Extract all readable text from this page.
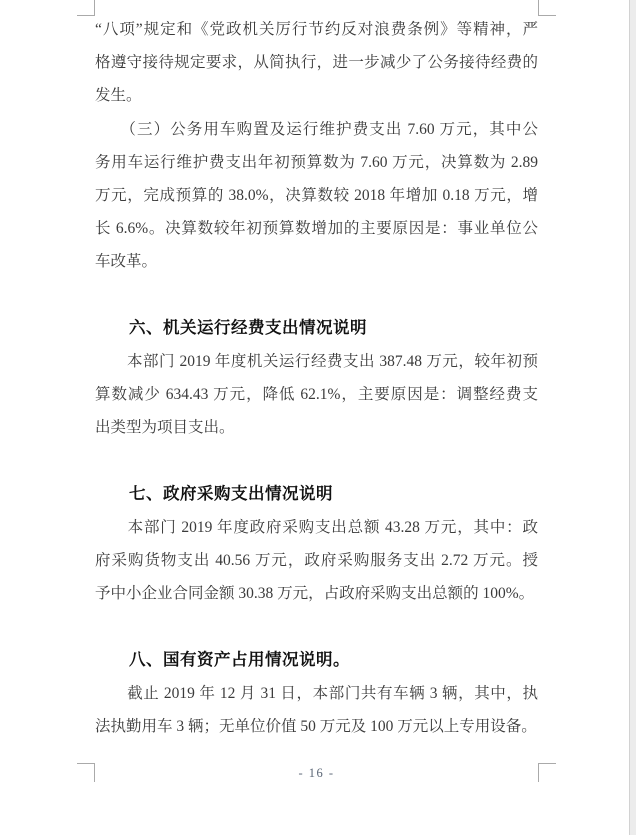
“八项”规定和《党政机关厉行节约反对浪费条例》等精神，严
格遵守接待规定要求，从简执行，进一步减少了公务接待经费的
发生。
　　（三）公务用车购置及运行维护费支出 7.60 万元，其中公
务用车运行维护费支出年初预算数为 7.60 万元，决算数为 2.89
万元，完成预算的 38.0%，决算数较 2018 年增加 0.18 万元，增
长 6.6%。决算数较年初预算数增加的主要原因是：事业单位公
车改革。
　　六、机关运行经费支出情况说明
　　本部门 2019 年度机关运行经费支出 387.48 万元，较年初预
算数减少 634.43 万元，降低 62.1%，主要原因是：调整经费支
出类型为项目支出。
　　七、政府采购支出情况说明
　　本部门 2019 年度政府采购支出总额 43.28 万元，其中：政
府采购货物支出 40.56 万元，政府采购服务支出 2.72 万元。授
予中小企业合同金额 30.38 万元，占政府采购支出总额的 100%。
　　八、国有资产占用情况说明。
　　截止 2019 年 12 月 31 日，本部门共有车辆 3 辆，其中，执
法执勤用车 3 辆；无单位价值 50 万元及 100 万元以上专用设备。
- 16 -
